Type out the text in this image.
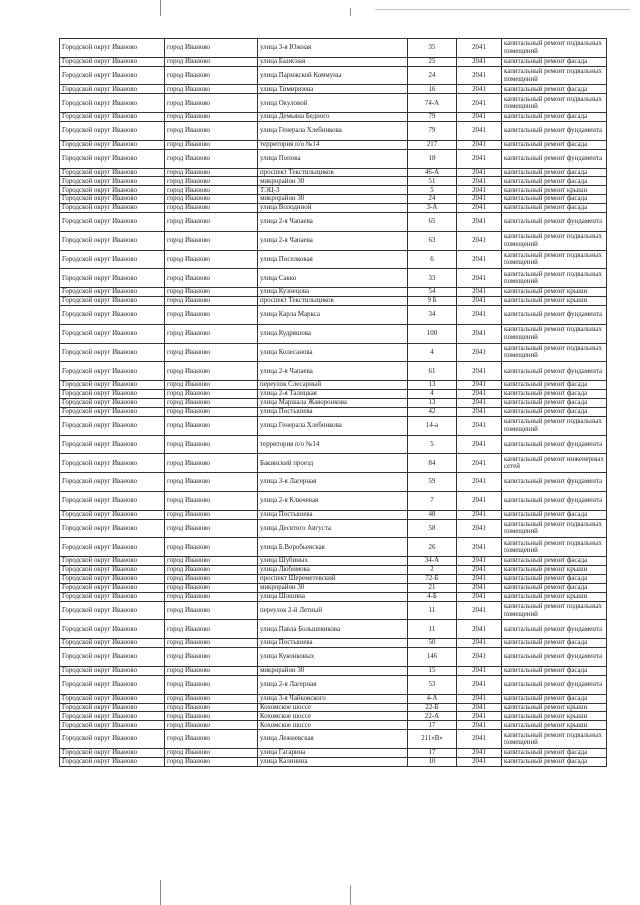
Городской округ Иваново	город Иваново	улица 3-я Южная	35	2041	капитальный ремонт подвальных помещений
Городской округ Иваново	город Иваново	улица Базисная	25	2041	капитальный ремонт фасада
Городской округ Иваново	город Иваново	улица Парижской Коммуны	24	2041	капитальный ремонт подвальных помещений
Городской округ Иваново	город Иваново	улица Тимирязева	16	2041	капитальный ремонт фасада
Городской округ Иваново	город Иваново	улица Окуловой	74-А	2041	капитальный ремонт подвальных помещений
Городской округ Иваново	город Иваново	улица Демьяна Бедного	79	2041	капитальный ремонт фасада
Городской округ Иваново	город Иваново	улица Генерала Хлебникова	79	2041	капитальный ремонт фундамента
Городской округ Иваново	город Иваново	территория п/о №14	217	2041	капитальный ремонт фасада
Городской округ Иваново	город Иваново	улица Попова	18	2041	капитальный ремонт фундамента
Городской округ Иваново	город Иваново	проспект Текстильщиков	46-А	2041	капитальный ремонт фасада
Городской округ Иваново	город Иваново	микрорайон 30	51	2041	капитальный ремонт фасада
Городской округ Иваново	город Иваново	ТЭЦ-3	5	2041	капитальный ремонт крыши
Городской округ Иваново	город Иваново	микрорайон 30	24	2041	капитальный ремонт фасада
Городской округ Иваново	город Иваново	улица Володиной	3-А	2041	капитальный ремонт фасада
Городской округ Иваново	город Иваново	улица 2-я Чапаева	65	2041	капитальный ремонт фундамента
Городской округ Иваново	город Иваново	улица 2-я Чапаева	63	2041	капитальный ремонт подвальных помещений
Городской округ Иваново	город Иваново	улица Поселковая	6	2041	капитальный ремонт подвальных помещений
Городской округ Иваново	город Иваново	улица Сакко	33	2041	капитальный ремонт подвальных помещений
Городской округ Иваново	город Иваново	улица Кузнецова	54	2041	капитальный ремонт крыши
Городской округ Иваново	город Иваново	проспект Текстильщиков	9 Б	2041	капитальный ремонт крыши
Городской округ Иваново	город Иваново	улица Карла Маркса	34	2041	капитальный ремонт фундамента
Городской округ Иваново	город Иваново	улица Кудряшова	100	2041	капитальный ремонт подвальных помещений
Городской округ Иваново	город Иваново	улица Колесанова	4	2041	капитальный ремонт подвальных помещений
Городской округ Иваново	город Иваново	улица 2-я Чапаева	61	2041	капитальный ремонт фундамента
Городской округ Иваново	город Иваново	переулок Слесарный	13	2041	капитальный ремонт фасада
Городской округ Иваново	город Иваново	улица 2-я Талицкая	4	2041	капитальный ремонт фасада
Городской округ Иваново	город Иваново	улица Маршала Жаворонкова	13	2041	капитальный ремонт фасада
Городской округ Иваново	город Иваново	улица Постышева	42	2041	капитальный ремонт фасада
Городской округ Иваново	город Иваново	улица Генерала Хлебникова	14-а	2041	капитальный ремонт подвальных помещений
Городской округ Иваново	город Иваново	территория п/о №14	5	2041	капитальный ремонт фундамента
Городской округ Иваново	город Иваново	Бакинский проезд	84	2041	капитальный ремонт инженерных сетей
Городской округ Иваново	город Иваново	улица 3-я Лагерная	59	2041	капитальный ремонт фундамента
Городской округ Иваново	город Иваново	улица 2-я Ключевая	7	2041	капитальный ремонт фундамента
Городской округ Иваново	город Иваново	улица Постышева	48	2041	капитальный ремонт фасада
Городской округ Иваново	город Иваново	улица Десятого Августа	58	2041	капитальный ремонт подвальных помещений
Городской округ Иваново	город Иваново	улица Б.Воробьевская	26	2041	капитальный ремонт подвальных помещений
Городской округ Иваново	город Иваново	улица Шубиных	34-А	2041	капитальный ремонт фасада
Городской округ Иваново	город Иваново	улица Любимова	2	2041	капитальный ремонт крыши
Городской округ Иваново	город Иваново	проспект Шереметевский	72-Б	2041	капитальный ремонт фасада
Городской округ Иваново	город Иваново	микрорайон 30	21	2041	капитальный ремонт фасада
Городской округ Иваново	город Иваново	улица Шошина	4-Б	2041	капитальный ремонт крыши
Городской округ Иваново	город Иваново	переулок 2-й Летный	11	2041	капитальный ремонт подвальных помещений
Городской округ Иваново	город Иваново	улица Павла Большевикова	11	2041	капитальный ремонт фундамента
Городской округ Иваново	город Иваново	улица Постышева	50	2041	капитальный ремонт фасада
Городской округ Иваново	город Иваново	улица Куконковых	146	2041	капитальный ремонт фундамента
Городской округ Иваново	город Иваново	микрорайон 30	15	2041	капитальный ремонт фасада
Городской округ Иваново	город Иваново	улица 2-я Лагерная	53	2041	капитальный ремонт фундамента
Городской округ Иваново	город Иваново	улица 3-я Чайковского	4-А	2041	капитальный ремонт фасада
Городской округ Иваново	город Иваново	Кохомское шоссе	22-Б	2041	капитальный ремонт крыши
Городской округ Иваново	город Иваново	Кохомское шоссе	22-А	2041	капитальный ремонт крыши
Городской округ Иваново	город Иваново	Кохомское шоссе	17	2041	капитальный ремонт крыши
Городской округ Иваново	город Иваново	улица Лежневская	211«В»	2041	капитальный ремонт подвальных помещений
Городской округ Иваново	город Иваново	улица Гагарина	17	2041	капитальный ремонт фасада
Городской округ Иваново	город Иваново	улица Калинина	10	2041	капитальный ремонт фасада
